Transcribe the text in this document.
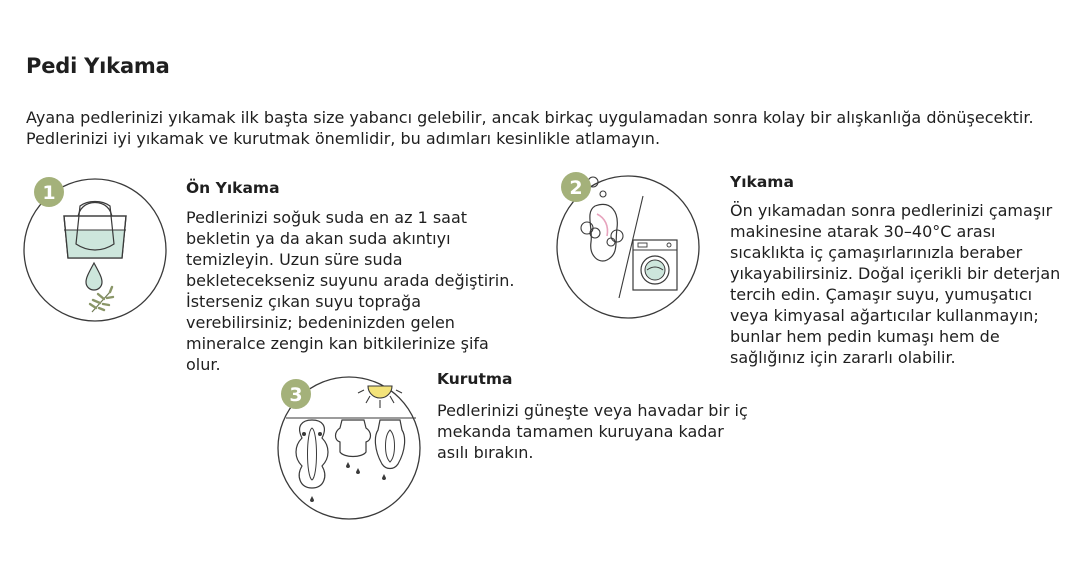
Pedi Yıkama

Ayana pedlerinizi yıkamak ilk başta size yabancı gelebilir, ancak birkaç uygulamadan sonra kolay bir alışkanlığa dönüşecektir. Pedlerinizi iyi yıkamak ve kurutmak önemlidir, bu adımları kesinlikle atlamayın.

1	Ön Yıkama

Pedlerinizi soğuk suda en az 1 saat bekletin ya da akan suda akıntıyı temizleyin. Uzun süre suda bekletecekseniz suyunu arada değiştirin. İsterseniz çıkan suyu toprağa verebilirsiniz; bedeninizden gelen mineralce zengin kan bitkilerinize şifa olur.

2	Yıkama

Ön yıkamadan sonra pedlerinizi çamaşır makinesine atarak 30–40°C arası sıcaklıkta iç çamaşırlarınızla beraber yıkayabilirsiniz. Doğal içerikli bir deterjan tercih edin. Çamaşır suyu, yumuşatıcı veya kimyasal ağartıcılar kullanmayın; bunlar hem pedin kumaşı hem de sağlığınız için zararlı olabilir.

3
Kurutma

Pedlerinizi güneşte veya havadar bir iç mekanda tamamen kuruyana kadar asılı bırakın.
